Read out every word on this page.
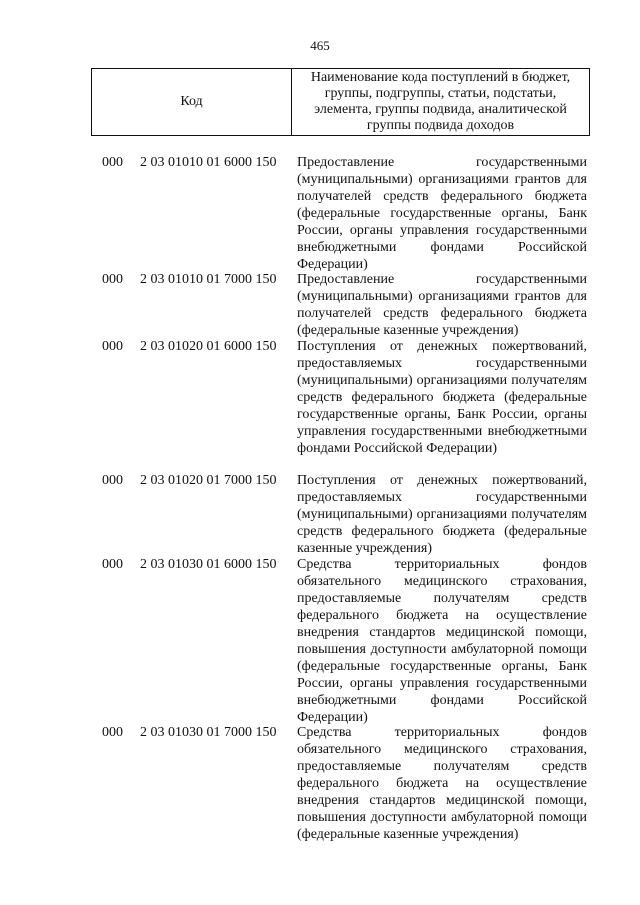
465
Код
Наименование кода поступлений в бюджет, группы, подгруппы, статьи, подстатьи, элемента, группы подвида, аналитической группы подвида доходов
000 2 03 01010 01 6000 150	Предоставление государственными (муниципальными) организациями грантов для получателей средств федерального бюджета (федеральные государственные органы, Банк России, органы управления государственными внебюджетными фондами Российской Федерации)
000 2 03 01010 01 7000 150	Предоставление государственными (муниципальными) организациями грантов для получателей средств федерального бюджета (федеральные казенные учреждения)
000 2 03 01020 01 6000 150	Поступления от денежных пожертвований, предоставляемых государственными (муниципальными) организациями получателям средств федерального бюджета (федеральные государственные органы, Банк России, органы управления государственными внебюджетными фондами Российской Федерации)
000 2 03 01020 01 7000 150	Поступления от денежных пожертвований, предоставляемых государственными (муниципальными) организациями получателям средств федерального бюджета (федеральные казенные учреждения)
000 2 03 01030 01 6000 150	Средства территориальных фондов обязательного медицинского страхования, предоставляемые получателям средств федерального бюджета на осуществление внедрения стандартов медицинской помощи, повышения доступности амбулаторной помощи (федеральные государственные органы, Банк России, органы управления государственными внебюджетными фондами Российской Федерации)
000 2 03 01030 01 7000 150	Средства территориальных фондов обязательного медицинского страхования, предоставляемые получателям средств федерального бюджета на осуществление внедрения стандартов медицинской помощи, повышения доступности амбулаторной помощи (федеральные казенные учреждения)
